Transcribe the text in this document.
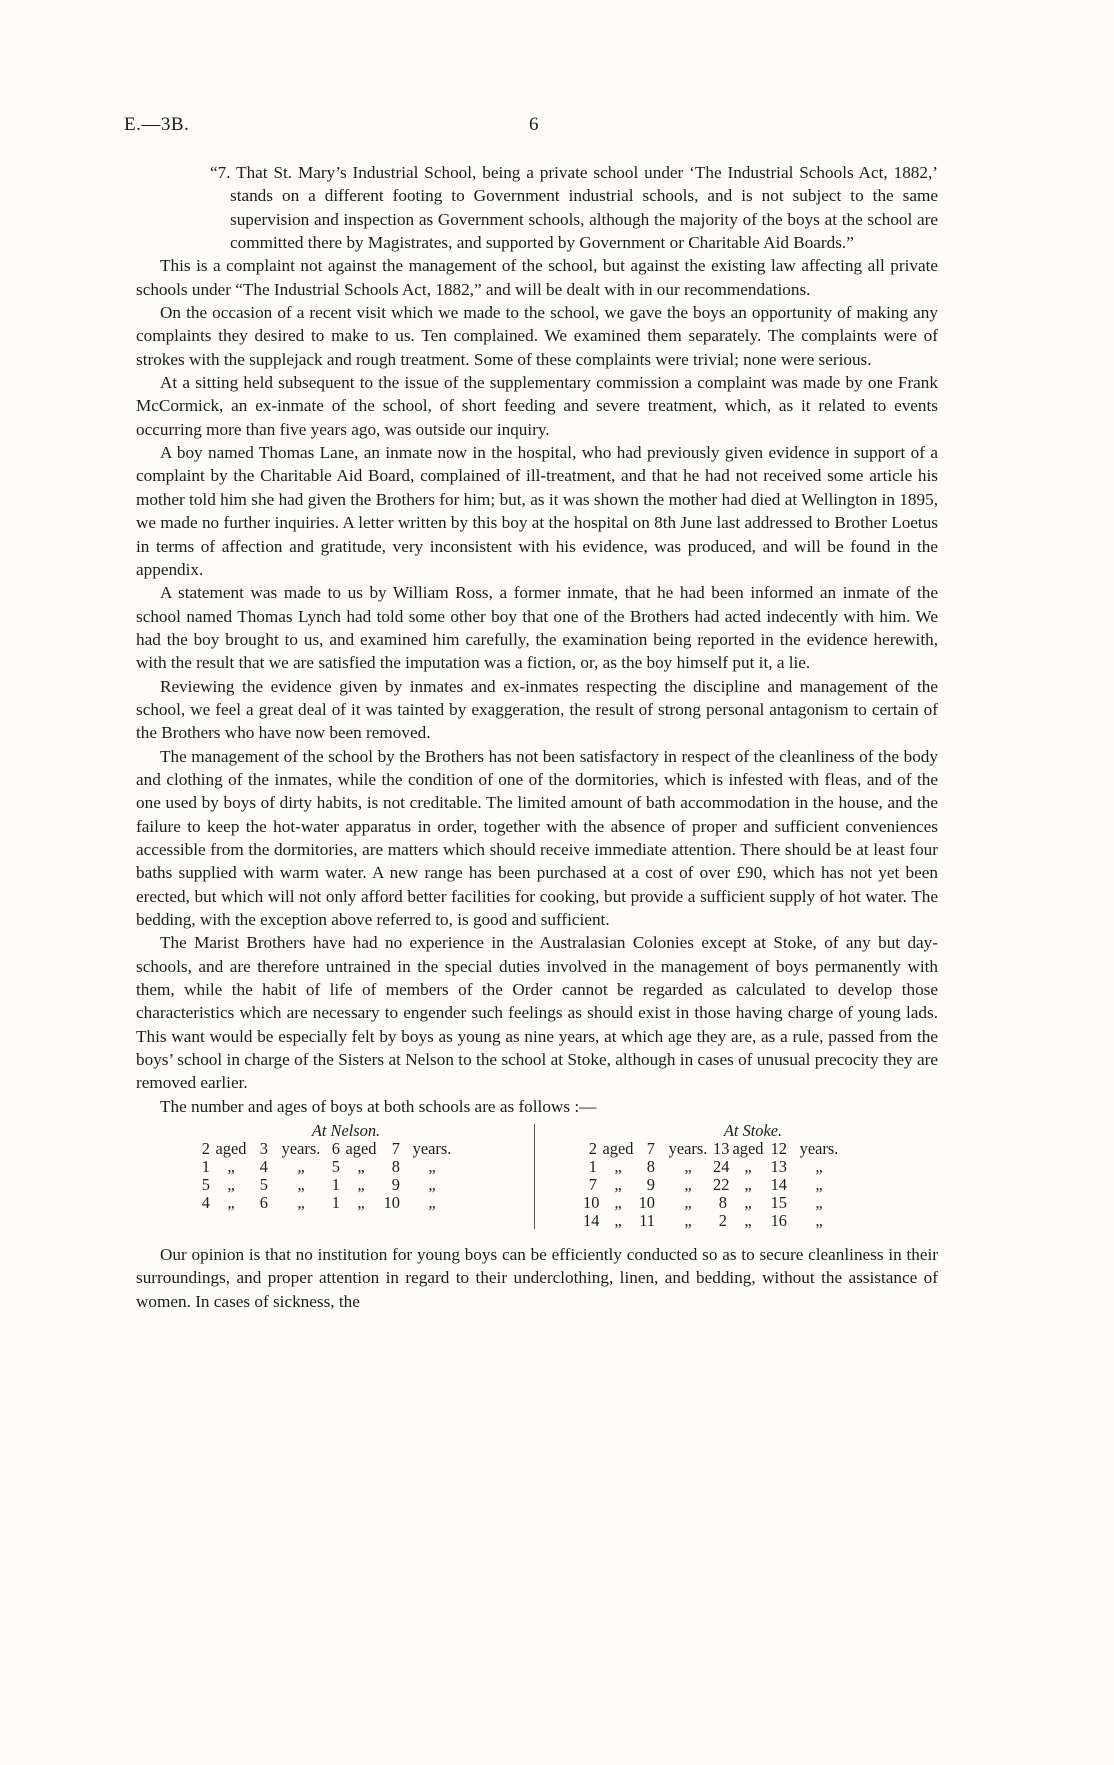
E.—3B.	6

“7. That St. Mary’s Industrial School, being a private school under ‘The Industrial Schools Act, 1882,’ stands on a different footing to Government industrial schools, and is not subject to the same supervision and inspection as Government schools, although the majority of the boys at the school are committed there by Magistrates, and supported by Government or Charitable Aid Boards.”

This is a complaint not against the management of the school, but against the existing law affecting all private schools under “The Industrial Schools Act, 1882,” and will be dealt with in our recommendations.

On the occasion of a recent visit which we made to the school, we gave the boys an opportunity of making any complaints they desired to make to us. Ten complained. We examined them separately. The complaints were of strokes with the supplejack and rough treatment. Some of these complaints were trivial; none were serious.

At a sitting held subsequent to the issue of the supplementary commission a complaint was made by one Frank McCormick, an ex-inmate of the school, of short feeding and severe treatment, which, as it related to events occurring more than five years ago, was outside our inquiry.

A boy named Thomas Lane, an inmate now in the hospital, who had previously given evidence in support of a complaint by the Charitable Aid Board, complained of ill-treatment, and that he had not received some article his mother told him she had given the Brothers for him; but, as it was shown the mother had died at Wellington in 1895, we made no further inquiries. A letter written by this boy at the hospital on 8th June last addressed to Brother Loetus in terms of affection and gratitude, very inconsistent with his evidence, was produced, and will be found in the appendix.

A statement was made to us by William Ross, a former inmate, that he had been informed an inmate of the school named Thomas Lynch had told some other boy that one of the Brothers had acted indecently with him. We had the boy brought to us, and examined him carefully, the examination being reported in the evidence herewith, with the result that we are satisfied the imputation was a fiction, or, as the boy himself put it, a lie.

Reviewing the evidence given by inmates and ex-inmates respecting the discipline and management of the school, we feel a great deal of it was tainted by exaggeration, the result of strong personal antagonism to certain of the Brothers who have now been removed.

The management of the school by the Brothers has not been satisfactory in respect of the cleanliness of the body and clothing of the inmates, while the condition of one of the dormitories, which is infested with fleas, and of the one used by boys of dirty habits, is not creditable. The limited amount of bath accommodation in the house, and the failure to keep the hot-water apparatus in order, together with the absence of proper and sufficient conveniences accessible from the dormitories, are matters which should receive immediate attention. There should be at least four baths supplied with warm water. A new range has been purchased at a cost of over £90, which has not yet been erected, but which will not only afford better facilities for cooking, but provide a sufficient supply of hot water. The bedding, with the exception above referred to, is good and sufficient.

The Marist Brothers have had no experience in the Australasian Colonies except at Stoke, of any but day-schools, and are therefore untrained in the special duties involved in the management of boys permanently with them, while the habit of life of members of the Order cannot be regarded as calculated to develop those characteristics which are necessary to engender such feelings as should exist in those having charge of young lads. This want would be especially felt by boys as young as nine years, at which age they are, as a rule, passed from the boys’ school in charge of the Sisters at Nelson to the school at Stoke, although in cases of unusual precocity they are removed earlier.

The number and ages of boys at both schools are as follows :—

At Nelson.
2 aged 3 years. 6 aged 7 years.
1	„	4	„	5	„	8	„
5	„	5	„	1	„	9	„
4	„	6	„	1	„	10	„
At Stoke.
2 aged 7 years. 13 aged 12 years.
1	„	8	„	24 „	13	„
7	„	9	„	22 „	14	„
10 „	10	„	8	„	15	„
14 „	11	„	2	„	16	„

Our opinion is that no institution for young boys can be efficiently conducted so as to secure cleanliness in their surroundings, and proper attention in regard to their underclothing, linen, and bedding, without the assistance of women. In cases of sickness, the
